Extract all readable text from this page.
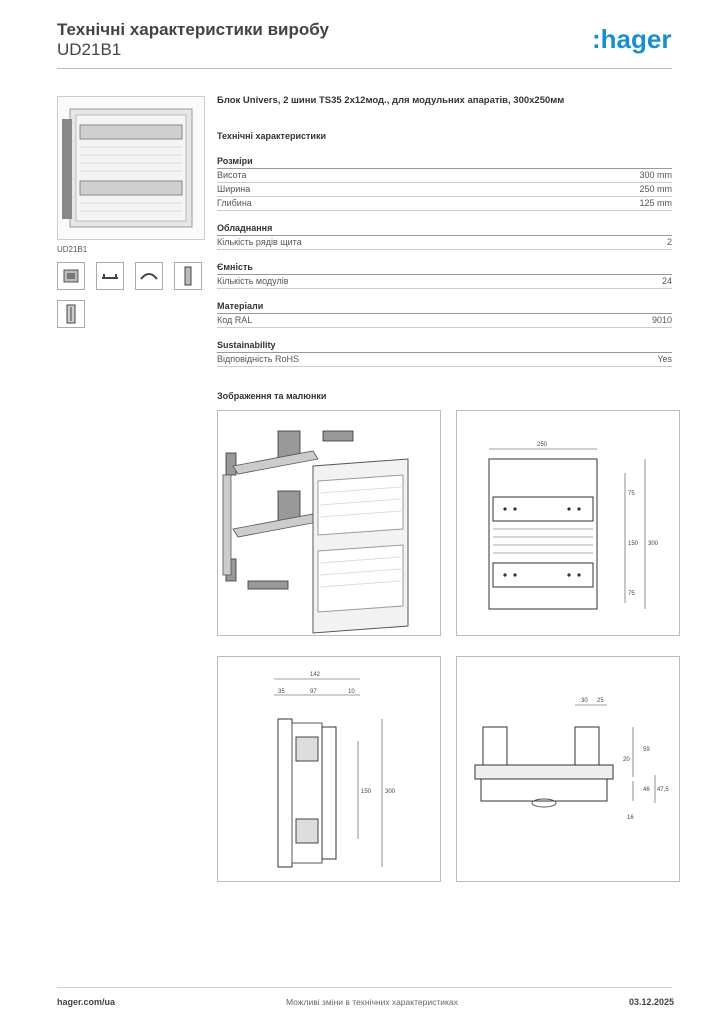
Технічні характеристики виробу
UD21B1	:hager
UD21B1
Блок Univers, 2 шини TS35 2х12мод., для модульних апаратів, 300х250мм
Технічні характеристики
Розміри
Висота	300 mm
Ширина	250 mm
Глибина	125 mm
Обладнання
Кількість рядів щита	2
Ємність
Кількість модулів	24
Матеріали
Код RAL	9010
Sustainability
Відповідність RoHS	Yes
Зображення та малюнки
250
75
150
75
300
142
35	97	10
150 300
30 25
59
20
46 47,5
16
hager.com/ua	Можливі зміни в технічних характеристиках	03.12.2025
